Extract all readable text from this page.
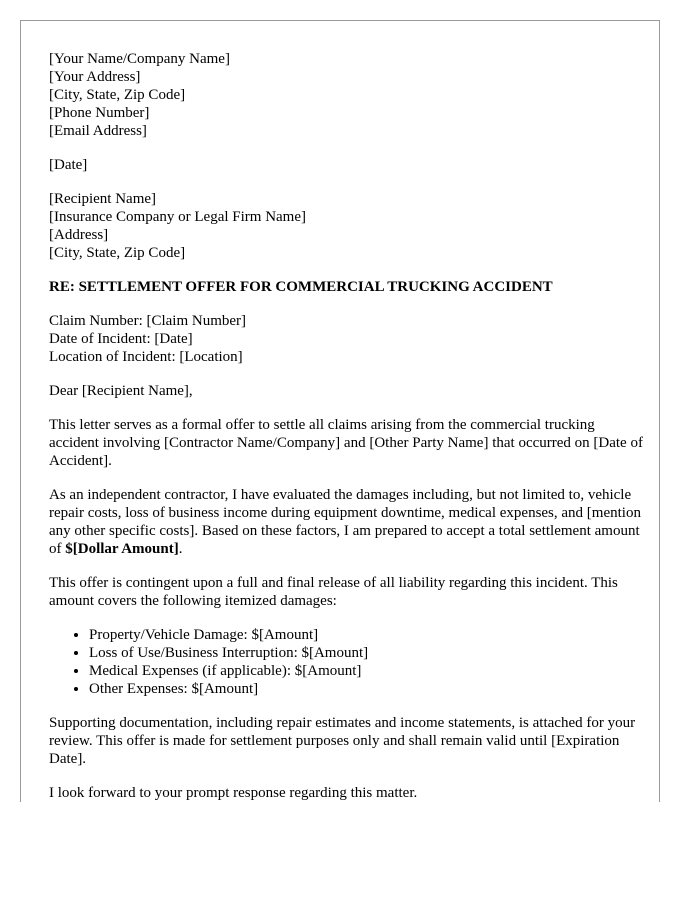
[Your Name/Company Name]
[Your Address]
[City, State, Zip Code]
[Phone Number]
[Email Address]
[Date]
[Recipient Name]
[Insurance Company or Legal Firm Name]
[Address]
[City, State, Zip Code]
RE: SETTLEMENT OFFER FOR COMMERCIAL TRUCKING ACCIDENT
Claim Number: [Claim Number]
Date of Incident: [Date]
Location of Incident: [Location]

Dear [Recipient Name],

This letter serves as a formal offer to settle all claims arising from the commercial trucking accident involving [Contractor Name/Company] and [Other Party Name] that occurred on [Date of Accident].

As an independent contractor, I have evaluated the damages including, but not limited to, vehicle repair costs, loss of business income during equipment downtime, medical expenses, and [mention any other specific costs]. Based on these factors, I am prepared to accept a total settlement amount of $[Dollar Amount].

This offer is contingent upon a full and final release of all liability regarding this incident. This amount covers the following itemized damages:

• Property/Vehicle Damage: $[Amount]
• Loss of Use/Business Interruption: $[Amount]
• Medical Expenses (if applicable): $[Amount]
• Other Expenses: $[Amount]

Supporting documentation, including repair estimates and income statements, is attached for your review. This offer is made for settlement purposes only and shall remain valid until [Expiration Date].

I look forward to your prompt response regarding this matter.
